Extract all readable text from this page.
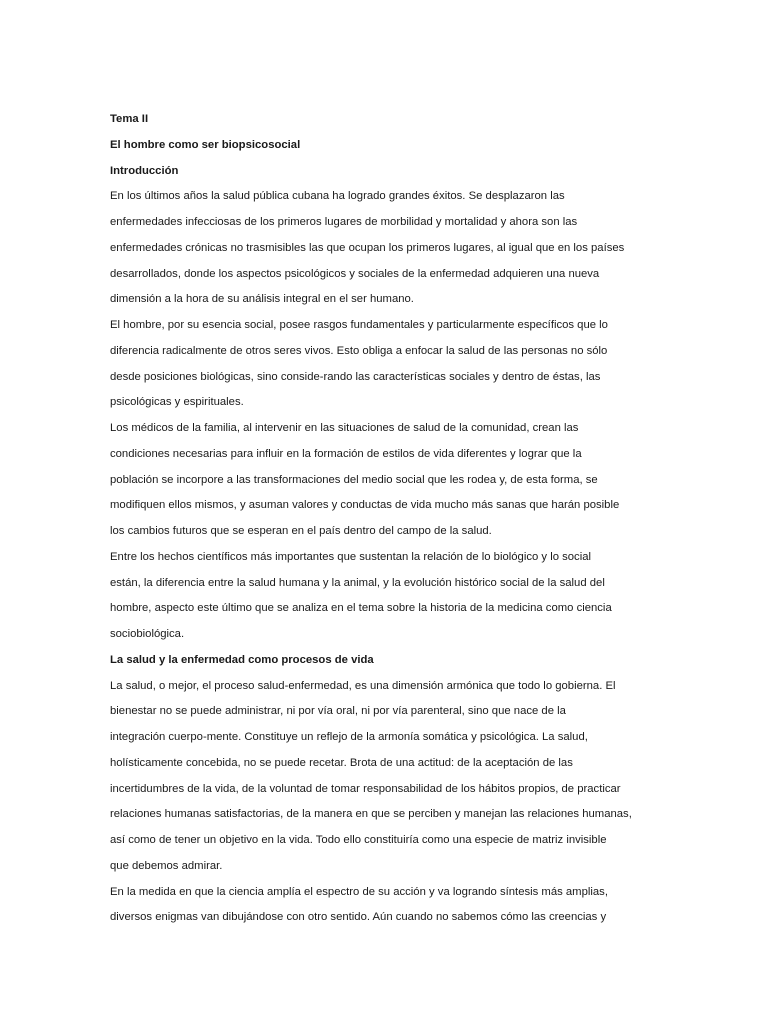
Tema II
El hombre como ser biopsicosocial
Introducción
En los últimos años la salud pública cubana ha logrado grandes éxitos. Se desplazaron las
enfermedades infecciosas de los primeros lugares de morbilidad y mortalidad y ahora son las
enfermedades crónicas no trasmisibles las que ocupan los primeros lugares, al igual que en los países
desarrollados, donde los aspectos psicológicos y sociales de la enfermedad adquieren una nueva
dimensión a la hora de su análisis integral en el ser humano.
El hombre, por su esencia social, posee rasgos fundamentales y particularmente específicos que lo
diferencia radicalmente de otros seres vivos. Esto obliga a enfocar la salud de las personas no sólo
desde posiciones biológicas, sino conside-rando las características sociales y dentro de éstas, las
psicológicas y espirituales.
Los médicos de la familia, al intervenir en las situaciones de salud de la comunidad, crean las
condiciones necesarias para influir en la formación de estilos de vida diferentes y lograr que la
población se incorpore a las transformaciones del medio social que les rodea y, de esta forma, se
modifiquen ellos mismos, y asuman valores y conductas de vida mucho más sanas que harán posible
los cambios futuros que se esperan en el país dentro del campo de la salud.
Entre los hechos científicos más importantes que sustentan la relación de lo biológico y lo social
están, la diferencia entre la salud humana y la animal, y la evolución histórico social de la salud del
hombre, aspecto este último que se analiza en el tema sobre la historia de la medicina como ciencia
sociobiológica.
La salud y la enfermedad como procesos de vida
La salud, o mejor, el proceso salud-enfermedad, es una dimensión armónica que todo lo gobierna. El
bienestar no se puede administrar, ni por vía oral, ni por vía parenteral, sino que nace de la
integración cuerpo-mente. Constituye un reflejo de la armonía somática y psicológica. La salud,
holísticamente concebida, no se puede recetar. Brota de una actitud: de la aceptación de las
incertidumbres de la vida, de la voluntad de tomar responsabilidad de los hábitos propios, de practicar
relaciones humanas satisfactorias, de la manera en que se perciben y manejan las relaciones humanas,
así como de tener un objetivo en la vida. Todo ello constituiría como una especie de matriz invisible
que debemos admirar.
En la medida en que la ciencia amplía el espectro de su acción y va logrando síntesis más amplias,
diversos enigmas van dibujándose con otro sentido. Aún cuando no sabemos cómo las creencias y
